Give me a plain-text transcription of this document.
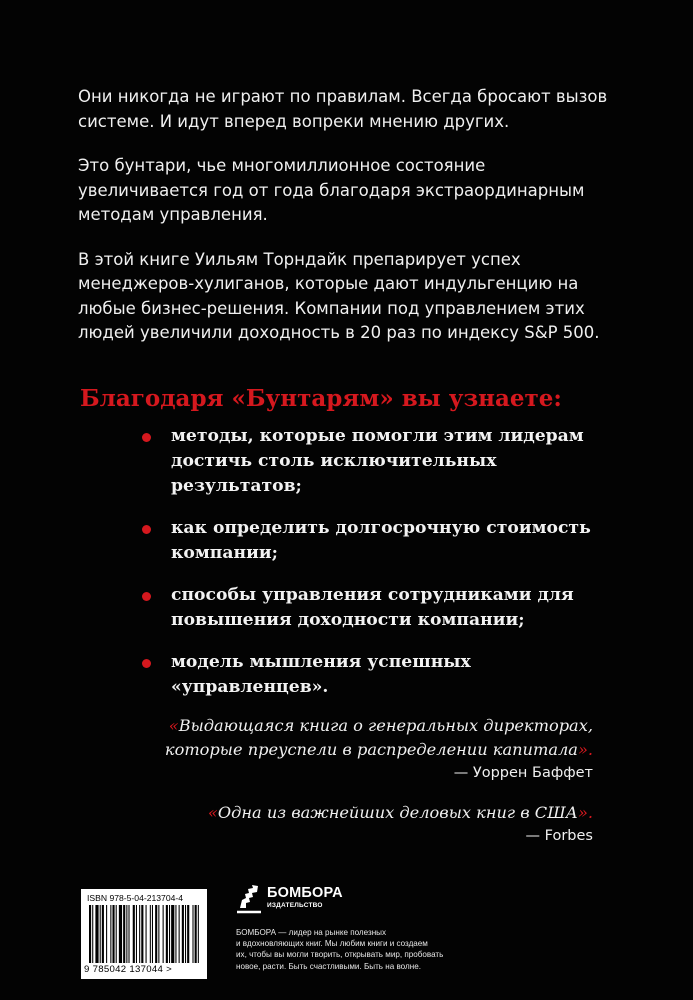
Они никогда не играют по правилам. Всегда бросают вызов системе. И идут вперед вопреки мнению других.

Это бунтари, чье многомиллионное состояние увеличивается год от года благодаря экстраординарным методам управления.

В этой книге Уильям Торндайк препарирует успех менеджеров-хулиганов, которые дают индульгенцию на любые бизнес-решения. Компании под управлением этих людей увеличили доходность в 20 раз по индексу S&P 500.

Благодаря «Бунтарям» вы узнаете:
методы, которые помогли этим лидерам достичь столь исключительных результатов;
как определить долгосрочную стоимость компании;
способы управления сотрудниками для повышения доходности компании;
модель мышления успешных «управленцев».
«Выдающаяся книга о генеральных директорах, которые преуспели в распределении капитала».
— Уоррен Баффет
«Одна из важнейших деловых книг в США».
— Forbes
ISBN 978-5-04-213704-4
9 785042 137044 >
БОМБОРА
ИЗДАТЕЛЬСТВО
БОМБОРА — лидер на рынке полезных
и вдохновляющих книг. Мы любим книги и создаем
их, чтобы вы могли творить, открывать мир, пробовать
новое, расти. Быть счастливыми. Быть на волне.
